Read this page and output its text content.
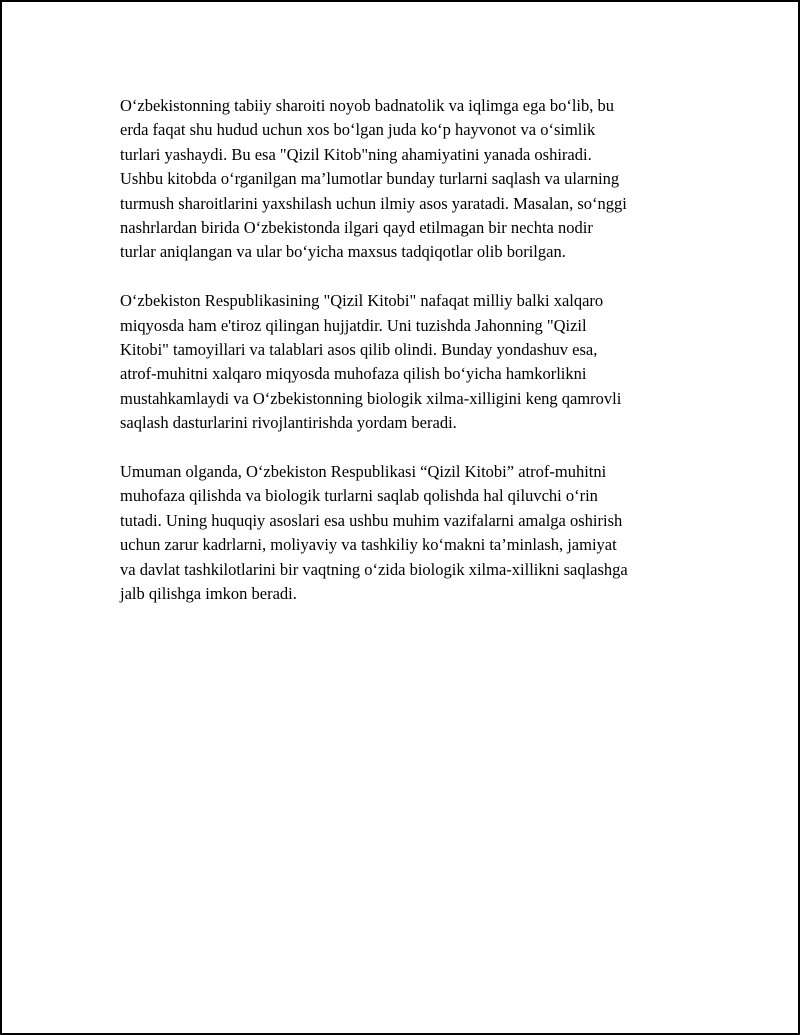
O‘zbekistonning tabiiy sharoiti noyob badnatolik va iqlimga ega bo‘lib, bu
erda faqat shu hudud uchun xos bo‘lgan juda ko‘p hayvonot va o‘simlik
turlari yashaydi. Bu esa "Qizil Kitob"ning ahamiyatini yanada oshiradi.
Ushbu kitobda o‘rganilgan ma’lumotlar bunday turlarni saqlash va ularning
turmush sharoitlarini yaxshilash uchun ilmiy asos yaratadi. Masalan, so‘nggi
nashrlardan birida O‘zbekistonda ilgari qayd etilmagan bir nechta nodir
turlar aniqlangan va ular bo‘yicha maxsus tadqiqotlar olib borilgan.

O‘zbekiston Respublikasining "Qizil Kitobi" nafaqat milliy balki xalqaro
miqyosda ham e'tiroz qilingan hujjatdir. Uni tuzishda Jahonning "Qizil
Kitobi" tamoyillari va talablari asos qilib olindi. Bunday yondashuv esa,
atrof-muhitni xalqaro miqyosda muhofaza qilish bo‘yicha hamkorlikni
mustahkamlaydi va O‘zbekistonning biologik xilma-xilligini keng qamrovli
saqlash dasturlarini rivojlantirishda yordam beradi.

Umuman olganda, O‘zbekiston Respublikasi “Qizil Kitobi” atrof-muhitni
muhofaza qilishda va biologik turlarni saqlab qolishda hal qiluvchi o‘rin
tutadi. Uning huquqiy asoslari esa ushbu muhim vazifalarni amalga oshirish
uchun zarur kadrlarni, moliyaviy va tashkiliy ko‘makni ta’minlash, jamiyat
va davlat tashkilotlarini bir vaqtning o‘zida biologik xilma-xillikni saqlashga
jalb qilishga imkon beradi.
